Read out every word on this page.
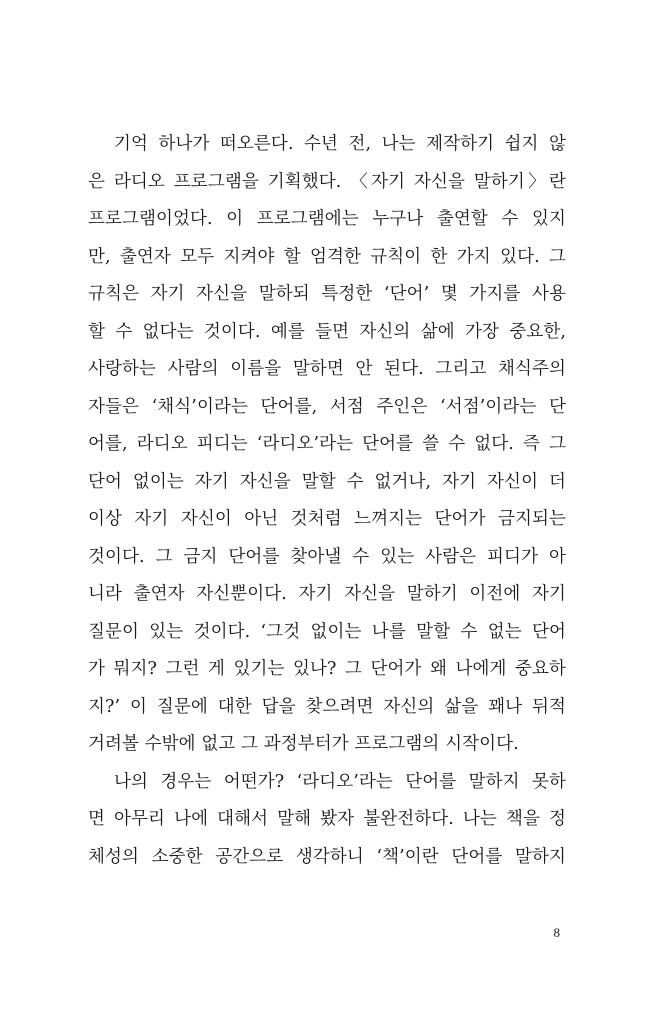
기억 하나가 떠오른다. 수년 전, 나는 제작하기 쉽지 않
은 라디오 프로그램을 기획했다. 〈자기 자신을 말하기〉란
프로그램이었다. 이 프로그램에는 누구나 출연할 수 있지
만, 출연자 모두 지켜야 할 엄격한 규칙이 한 가지 있다. 그
규칙은 자기 자신을 말하되 특정한 ‘단어’ 몇 가지를 사용
할 수 없다는 것이다. 예를 들면 자신의 삶에 가장 중요한,
사랑하는 사람의 이름을 말하면 안 된다. 그리고 채식주의
자들은 ‘채식’이라는 단어를, 서점 주인은 ‘서점’이라는 단
어를, 라디오 피디는 ‘라디오’라는 단어를 쓸 수 없다. 즉 그
단어 없이는 자기 자신을 말할 수 없거나, 자기 자신이 더
이상 자기 자신이 아닌 것처럼 느껴지는 단어가 금지되는
것이다. 그 금지 단어를 찾아낼 수 있는 사람은 피디가 아
니라 출연자 자신뿐이다. 자기 자신을 말하기 이전에 자기
질문이 있는 것이다. ‘그것 없이는 나를 말할 수 없는 단어
가 뭐지? 그런 게 있기는 있나? 그 단어가 왜 나에게 중요하
지?’ 이 질문에 대한 답을 찾으려면 자신의 삶을 꽤나 뒤적
거려볼 수밖에 없고 그 과정부터가 프로그램의 시작이다.
나의 경우는 어떤가? ‘라디오’라는 단어를 말하지 못하
면 아무리 나에 대해서 말해 봤자 불완전하다. 나는 책을 정
체성의 소중한 공간으로 생각하니 ‘책’이란 단어를 말하지
8
